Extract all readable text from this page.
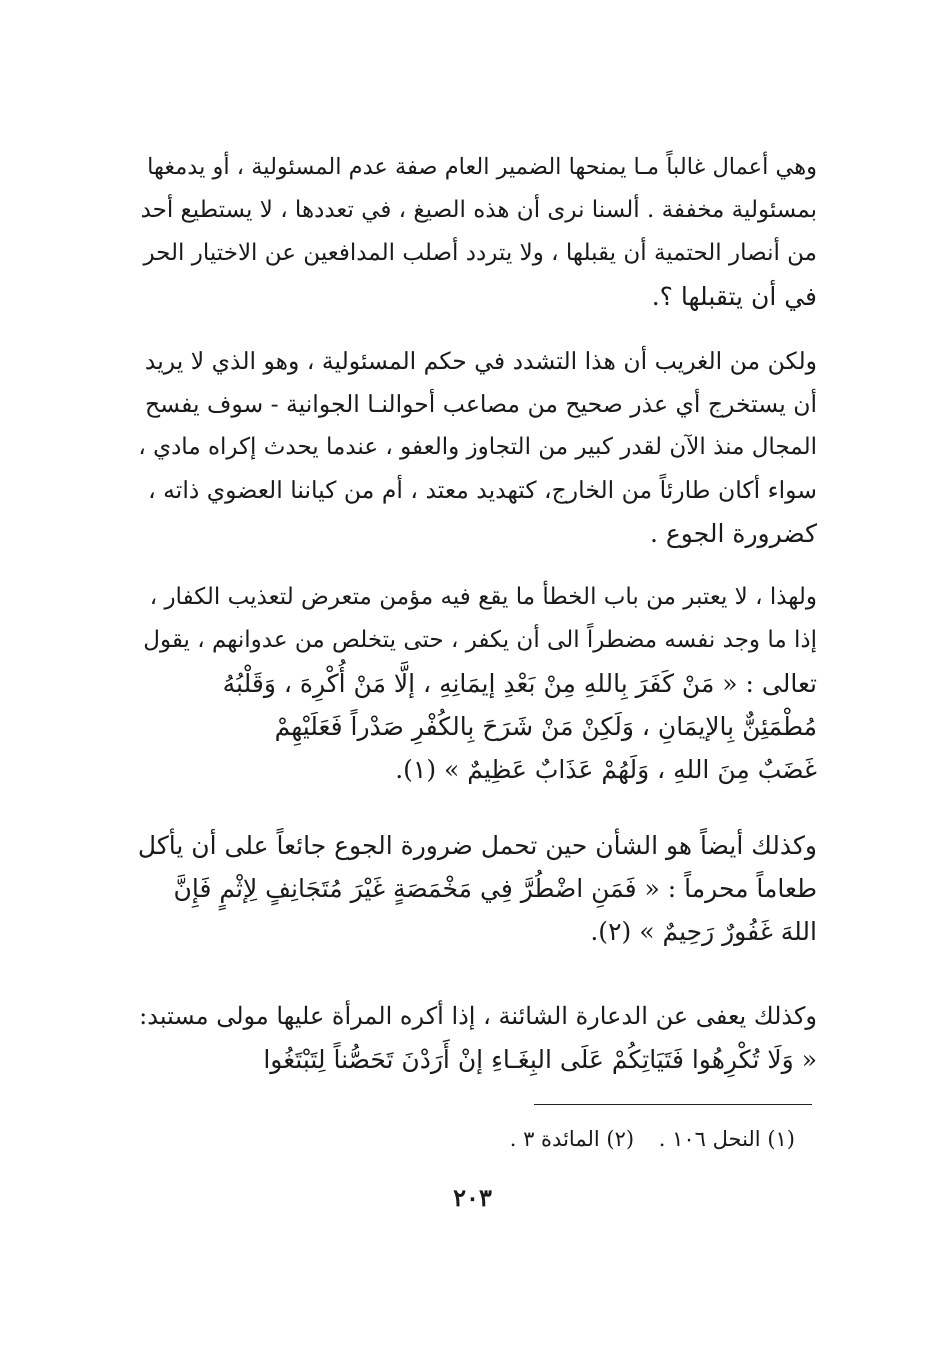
وهي أعمال غالباً مـا يمنحها الضمير العام صفة عدم المسئولية ، أو يدمغها
بمسئولية مخففة . ألسنا نرى أن هذه الصيغ ، في تعددها ، لا يستطيع أحد
من أنصار الحتمية أن يقبلها ، ولا يتردد أصلب المدافعين عن الاختيار الحر
في أن يتقبلها ؟.

ولكن من الغريب أن هذا التشدد في حكم المسئولية ، وهو الذي لا يريد
أن يستخرج أي عذر صحيح من مصاعب أحوالنـا الجوانية - سوف يفسح
المجال منذ الآن لقدر كبير من التجاوز والعفو ، عندما يحدث إكراه مادي ،
سواء أكان طارئاً من الخارج، كتهديد معتد ، أم من كياننا العضوي ذاته ،
كضرورة الجوع .

ولهذا ، لا يعتبر من باب الخطأ ما يقع فيه مؤمن متعرض لتعذيب الكفار ،
إذا ما وجد نفسه مضطراً الى أن يكفر ، حتى يتخلص من عدوانهم ، يقول
تعالى : « مَنْ كَفَرَ بِاللهِ مِنْ بَعْدِ إيمَانِهِ ، إلَّا مَنْ أُكْرِهَ ، وَقَلْبُهُ
مُطْمَئِنٌّ بِالإيمَانِ ، وَلَكِنْ مَنْ شَرَحَ بِالكُفْرِ صَدْراً فَعَلَيْهِمْ
غَضَبٌ مِنَ اللهِ ، وَلَهُمْ عَذَابٌ عَظِيمٌ » (١).

وكذلك أيضاً هو الشأن حين تحمل ضرورة الجوع جائعاً على أن يأكل
طعاماً محرماً : « فَمَنِ اضْطُرَّ فِي مَخْمَصَةٍ غَيْرَ مُتَجَانِفٍ لِإثْمٍ فَإِنَّ
اللهَ غَفُورٌ رَحِيمٌ » (٢).

وكذلك يعفى عن الدعارة الشائنة ، إذا أكره المرأة عليها مولى مستبد:
« وَلَا تُكْرِهُوا فَتَيَاتِكُمْ عَلَى البِغَـاءِ إنْ أَرَدْنَ تَحَصُّناً لِتَبْتَغُوا

(١) النحل ١٠٦ . (٢) المائدة ٣ .
٢٠٣
